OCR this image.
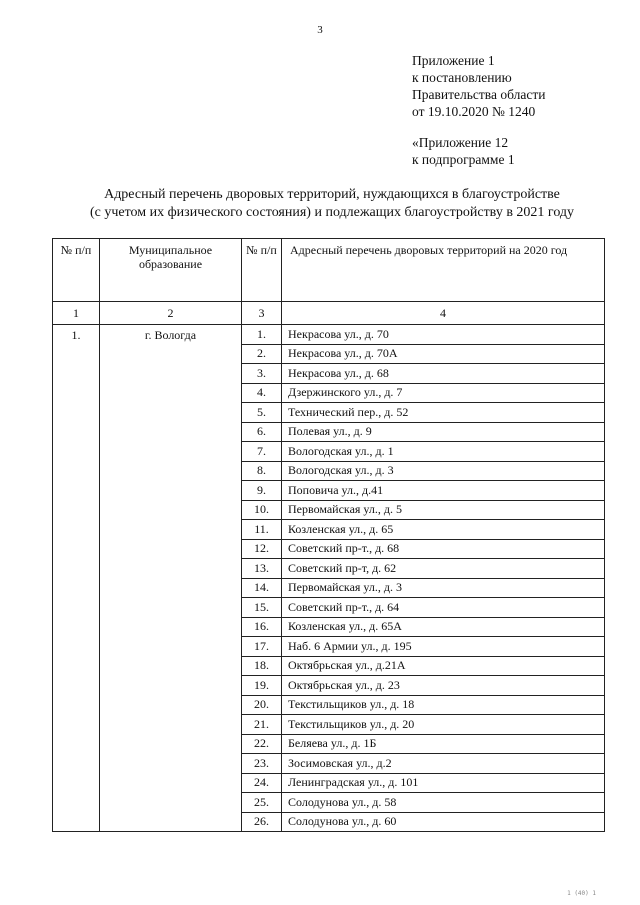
3
Приложение 1
к постановлению
Правительства области
от 19.10.2020 № 1240
«Приложение 12
к подпрограмме 1
Адресный перечень дворовых территорий, нуждающихся в благоустройстве
(с учетом их физического состояния) и подлежащих благоустройству в 2021 году
№ п/п	Муниципальное образование	№ п/п	Адресный перечень дворовых территорий на 2020 год
1	2	3	4
1.	г. Вологда	1.	Некрасова ул., д. 70
		2.	Некрасова ул., д. 70А
		3.	Некрасова ул., д. 68
		4.	Дзержинского ул., д. 7
		5.	Технический пер., д. 52
		6.	Полевая ул., д. 9
		7.	Вологодская ул., д. 1
		8.	Вологодская ул., д. 3
		9.	Поповича ул., д.41
		10.	Первомайская ул., д. 5
		11.	Козленская ул., д. 65
		12.	Советский пр-т., д. 68
		13.	Советский пр-т, д. 62
		14.	Первомайская ул., д. 3
		15.	Советский пр-т., д. 64
		16.	Козленская ул., д. 65А
		17.	Наб. 6 Армии ул., д. 195
		18.	Октябрьская ул., д.21А
		19.	Октябрьская ул., д. 23
		20.	Текстильщиков ул., д. 18
		21.	Текстильщиков ул., д. 20
		22.	Беляева ул., д. 1Б
		23.	Зосимовская ул., д.2
		24.	Ленинградская ул., д. 101
		25.	Солодунова ул., д. 58
		26.	Солодунова ул., д. 60
1 (40) 1
